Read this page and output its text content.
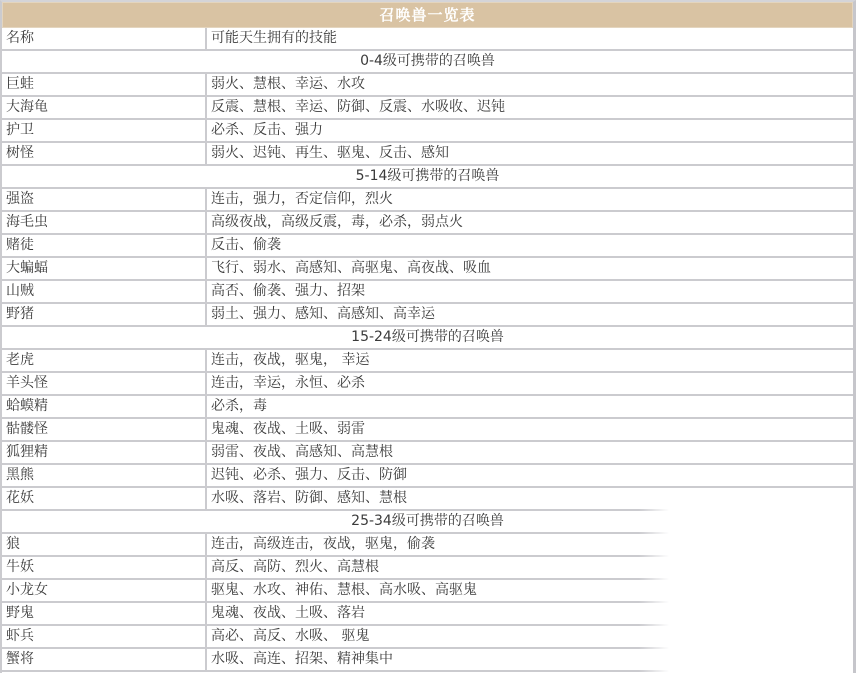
召唤兽一览表
名称	可能天生拥有的技能
0-4级可携带的召唤兽
巨蛙	弱火、慧根、幸运、水攻
大海龟	反震、慧根、幸运、防御、反震、水吸收、迟钝
护卫	必杀、反击、强力
树怪	弱火、迟钝、再生、驱鬼、反击、感知
5-14级可携带的召唤兽
强盗	连击，强力，否定信仰，烈火
海毛虫	高级夜战，高级反震，毒，必杀，弱点火
赌徒	反击、偷袭
大蝙蝠	飞行、弱水、高感知、高驱鬼、高夜战、吸血
山贼	高否、偷袭、强力、招架
野猪	弱土、强力、感知、高感知、高幸运
15-24级可携带的召唤兽
老虎	连击，夜战，驱鬼， 幸运
羊头怪	连击，幸运，永恒、必杀
蛤蟆精	必杀，毒
骷髅怪	鬼魂、夜战、土吸、弱雷
狐狸精	弱雷、夜战、高感知、高慧根
黑熊	迟钝、必杀、强力、反击、防御
花妖	水吸、落岩、防御、感知、慧根
25-34级可携带的召唤兽
狼	连击，高级连击，夜战，驱鬼，偷袭
牛妖	高反、高防、烈火、高慧根
小龙女	驱鬼、水攻、神佑、慧根、高水吸、高驱鬼
野鬼	鬼魂、夜战、土吸、落岩
虾兵	高必、高反、水吸、 驱鬼
蟹将	水吸、高连、招架、精神集中
